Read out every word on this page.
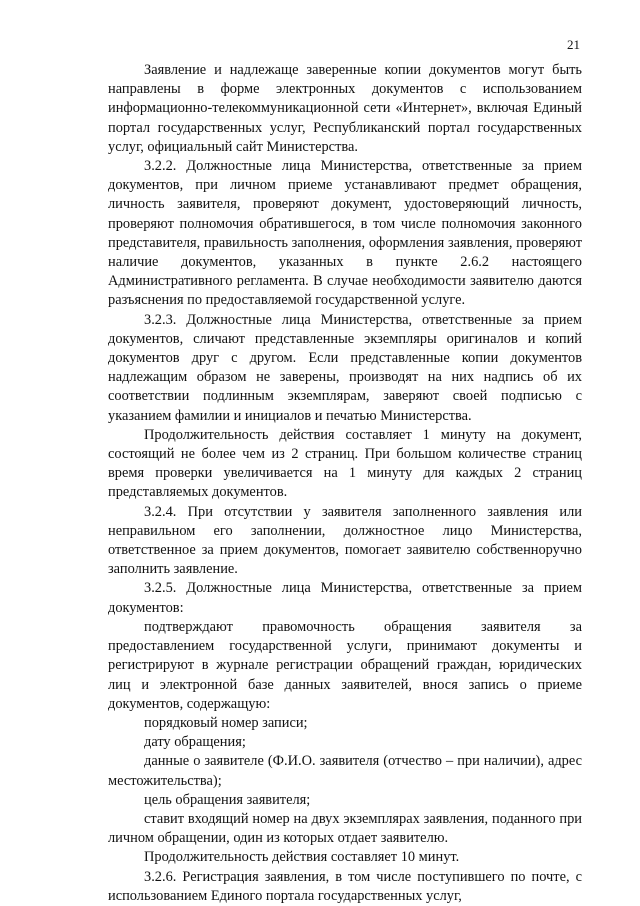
21

Заявление и надлежаще заверенные копии документов могут быть направлены в форме электронных документов с использованием информационно-телекоммуникационной сети «Интернет», включая Единый портал государственных услуг, Республиканский портал государственных услуг, официальный сайт Министерства.

3.2.2. Должностные лица Министерства, ответственные за прием документов, при личном приеме устанавливают предмет обращения, личность заявителя, проверяют документ, удостоверяющий личность, проверяют полномочия обратившегося, в том числе полномочия законного представителя, правильность заполнения, оформления заявления, проверяют наличие документов, указанных в пункте 2.6.2 настоящего Административного регламента. В случае необходимости заявителю даются разъяснения по предоставляемой государственной услуге.

3.2.3. Должностные лица Министерства, ответственные за прием документов, сличают представленные экземпляры оригиналов и копий документов друг с другом. Если представленные копии документов надлежащим образом не заверены, производят на них надпись об их соответствии подлинным экземплярам, заверяют своей подписью с указанием фамилии и инициалов и печатью Министерства.

Продолжительность действия составляет 1 минуту на документ, состоящий не более чем из 2 страниц. При большом количестве страниц время проверки увеличивается на 1 минуту для каждых 2 страниц представляемых документов.

3.2.4. При отсутствии у заявителя заполненного заявления или неправильном его заполнении, должностное лицо Министерства, ответственное за прием документов, помогает заявителю собственноручно заполнить заявление.

3.2.5. Должностные лица Министерства, ответственные за прием документов:

подтверждают правомочность обращения заявителя за предоставлением государственной услуги, принимают документы и регистрируют в журнале регистрации обращений граждан, юридических лиц и электронной базе данных заявителей, внося запись о приеме документов, содержащую:

порядковый номер записи;

дату обращения;

данные о заявителе (Ф.И.О. заявителя (отчество – при наличии), адрес местожительства);

цель обращения заявителя;

ставит входящий номер на двух экземплярах заявления, поданного при личном обращении, один из которых отдает заявителю.

Продолжительность действия составляет 10 минут.

3.2.6. Регистрация заявления, в том числе поступившего по почте, с использованием Единого портала государственных услуг,
